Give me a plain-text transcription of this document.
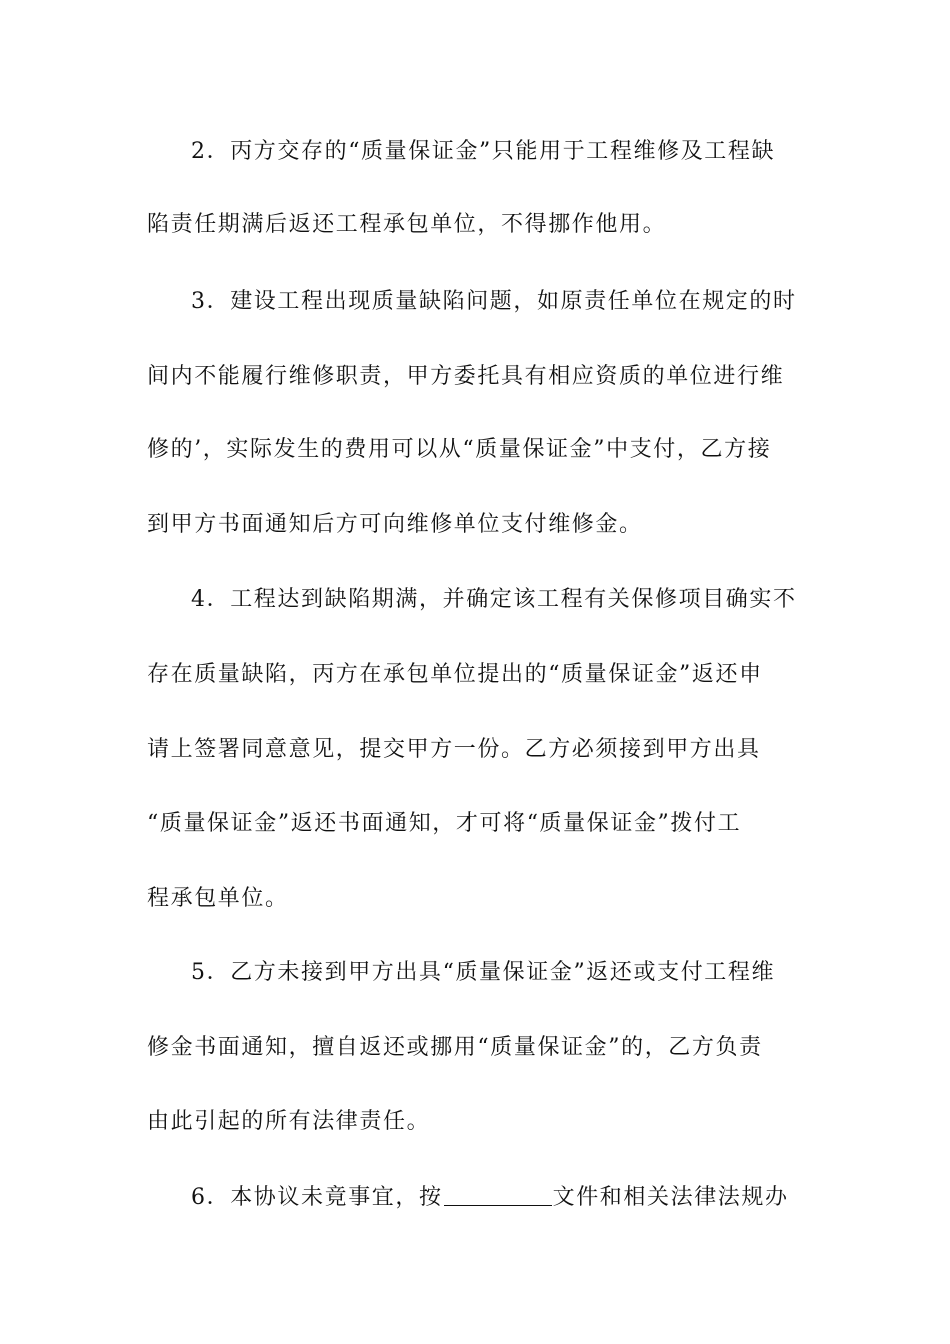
2．丙方交存的“质量保证金”只能用于工程维修及工程缺
陷责任期满后返还工程承包单位，不得挪作他用。
3．建设工程出现质量缺陷问题，如原责任单位在规定的时
间内不能履行维修职责，甲方委托具有相应资质的单位进行维
修的’，实际发生的费用可以从“质量保证金”中支付，乙方接
到甲方书面通知后方可向维修单位支付维修金。
4．工程达到缺陷期满，并确定该工程有关保修项目确实不
存在质量缺陷，丙方在承包单位提出的“质量保证金”返还申
请上签署同意意见，提交甲方一份。乙方必须接到甲方出具
“质量保证金”返还书面通知，才可将“质量保证金”拨付工
程承包单位。
5．乙方未接到甲方出具“质量保证金”返还或支付工程维
修金书面通知，擅自返还或挪用“质量保证金”的，乙方负责
由此引起的所有法律责任。
6．本协议未竟事宜，按	文件和相关法律法规办
